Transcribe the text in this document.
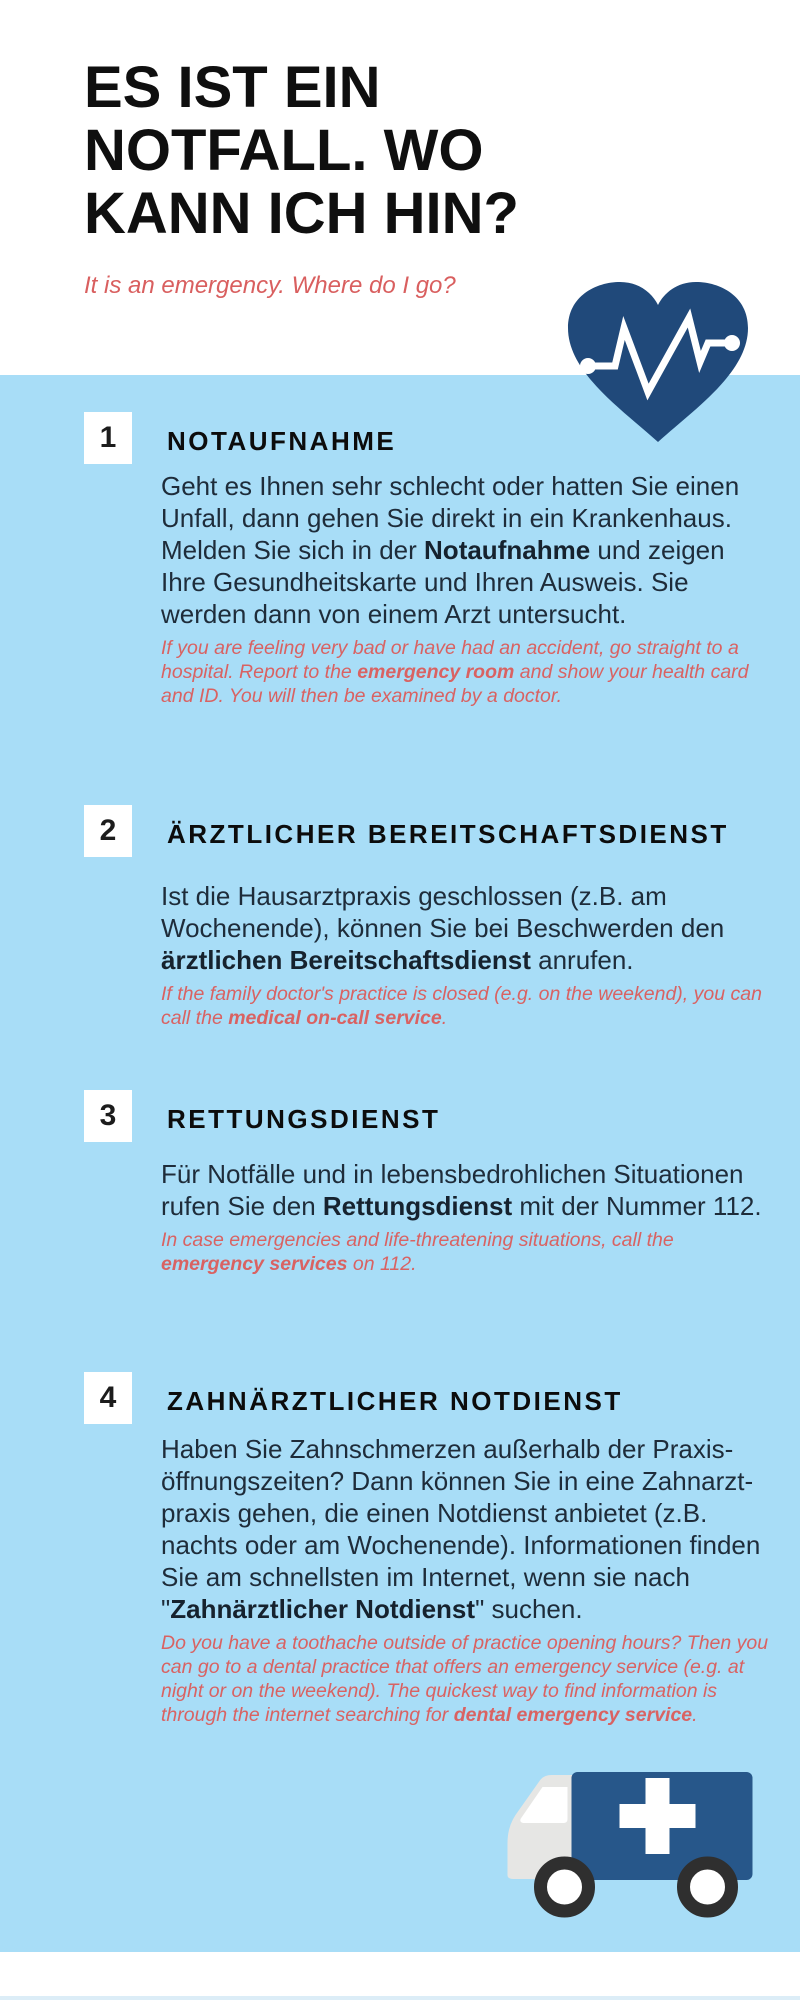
ES IST EIN
NOTFALL. WO
KANN ICH HIN?
It is an emergency. Where do I go?
1 NOTAUFNAHME
Geht es Ihnen sehr schlecht oder hatten Sie einen Unfall, dann gehen Sie direkt in ein Krankenhaus. Melden Sie sich in der Notaufnahme und zeigen Ihre Gesundheitskarte und Ihren Ausweis. Sie werden dann von einem Arzt untersucht.
If you are feeling very bad or have had an accident, go straight to a hospital. Report to the emergency room and show your health card and ID. You will then be examined by a doctor.
2 ÄRZTLICHER BEREITSCHAFTSDIENST
Ist die Hausarztpraxis geschlossen (z.B. am Wochenende), können Sie bei Beschwerden den ärztlichen Bereitschaftsdienst anrufen.
If the family doctor's practice is closed (e.g. on the weekend), you can call the medical on-call service.
3 RETTUNGSDIENST
Für Notfälle und in lebensbedrohlichen Situationen rufen Sie den Rettungsdienst mit der Nummer 112.
In case emergencies and life-threatening situations, call the emergency services on 112.
4 ZAHNÄRZTLICHER NOTDIENST
Haben Sie Zahnschmerzen außerhalb der Praxis-öffnungszeiten? Dann können Sie in eine Zahnarzt-praxis gehen, die einen Notdienst anbietet (z.B. nachts oder am Wochenende). Informationen finden Sie am schnellsten im Internet, wenn sie nach "Zahnärztlicher Notdienst" suchen.
Do you have a toothache outside of practice opening hours? Then you can go to a dental practice that offers an emergency service (e.g. at night or on the weekend). The quickest way to find information is through the internet searching for dental emergency service.
